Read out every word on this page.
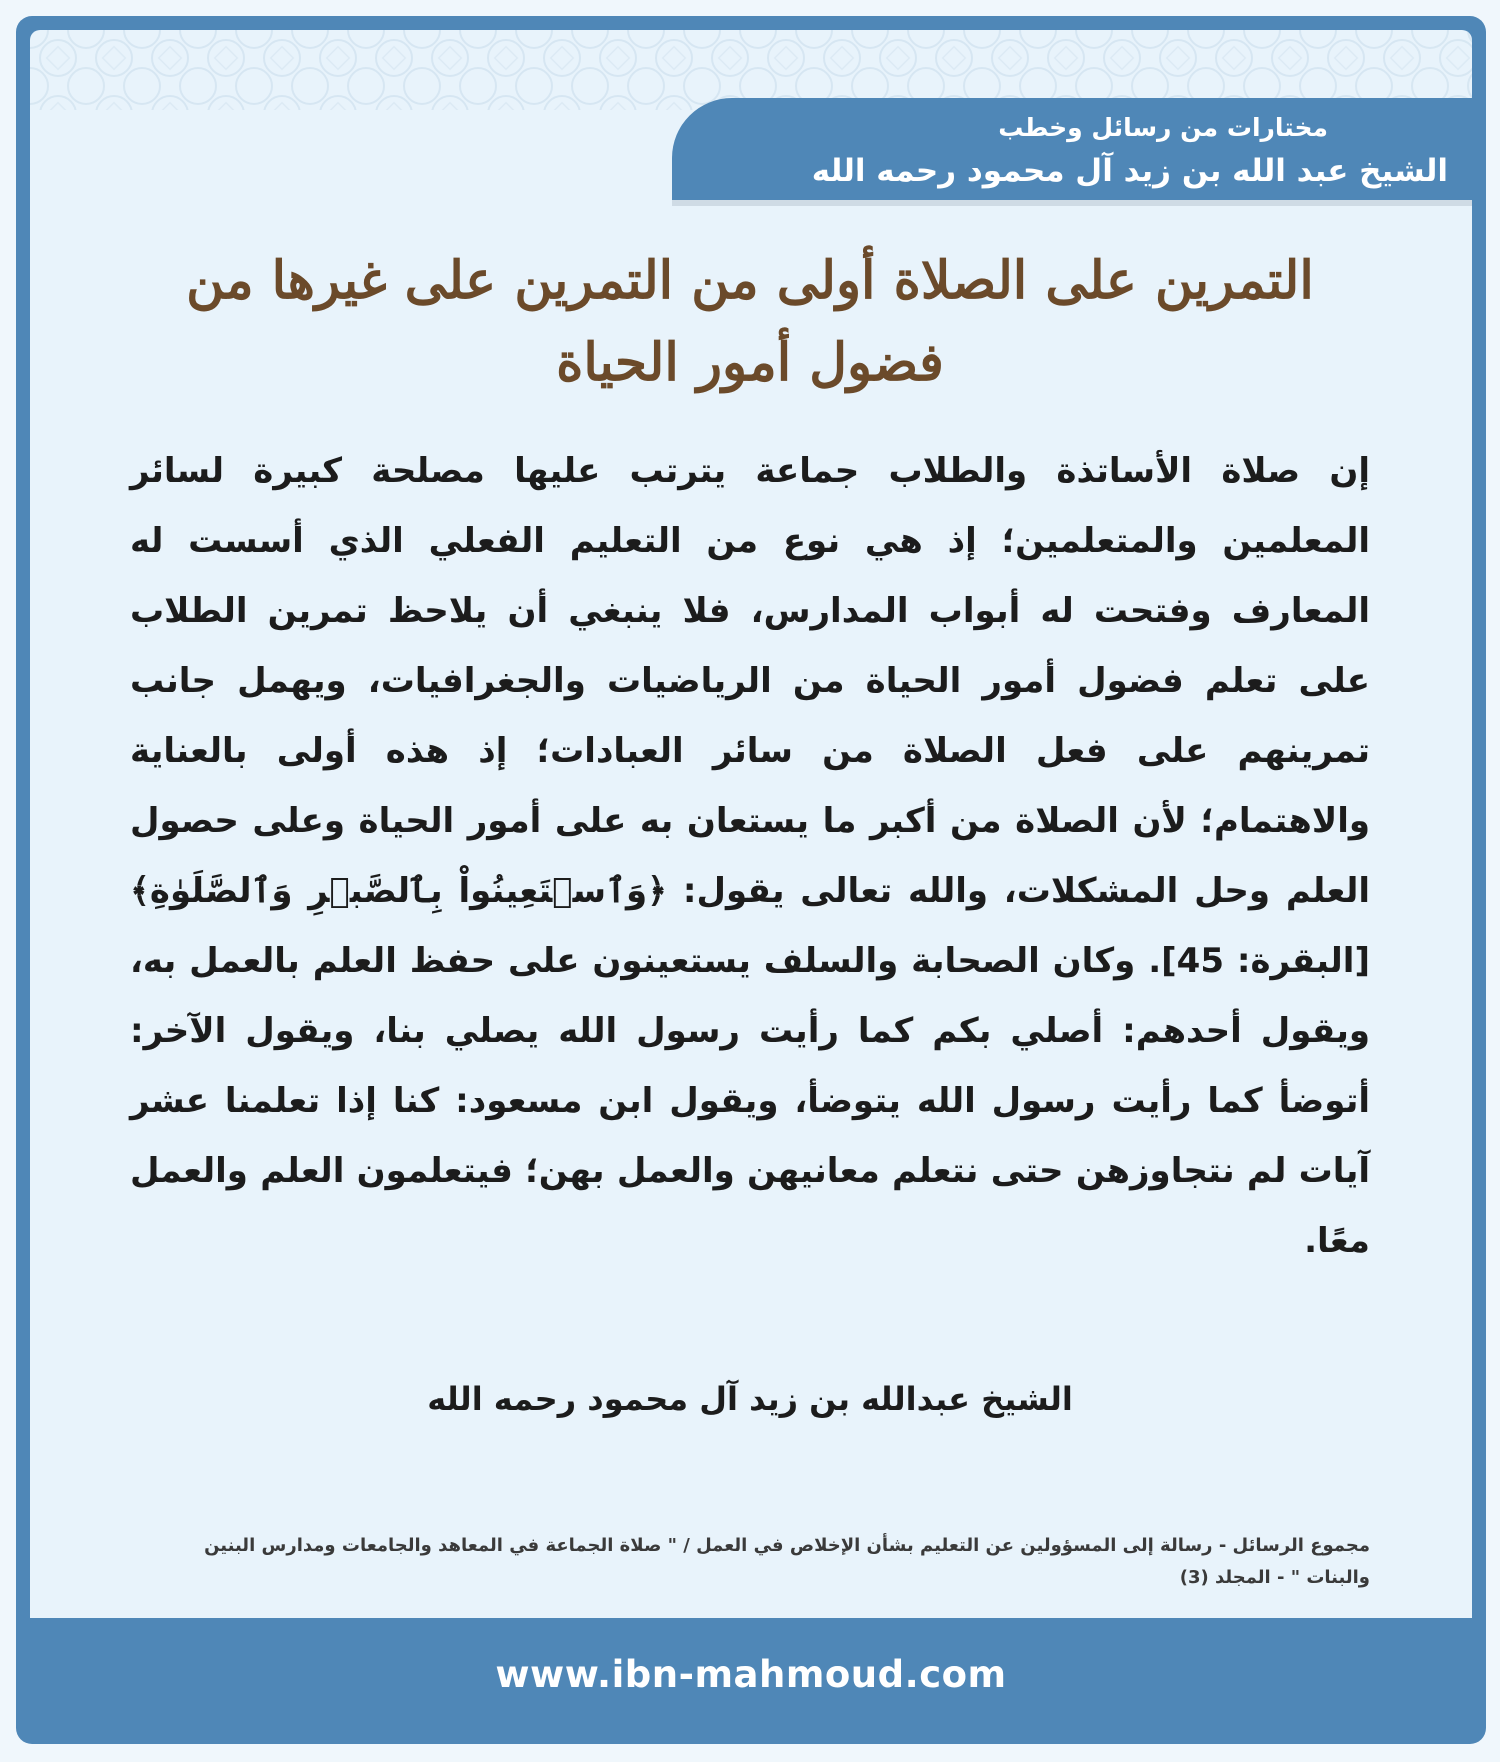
مختارات من رسائل وخطب
الشيخ عبد الله بن زيد آل محمود رحمه الله
التمرين على الصلاة أولى من التمرين على غيرها من فضول أمور الحياة

إن صلاة الأساتذة والطلاب جماعة يترتب عليها مصلحة كبيرة لسائر المعلمين والمتعلمين؛ إذ هي نوع من التعليم الفعلي الذي أسست له المعارف وفتحت له أبواب المدارس، فلا ينبغي أن يلاحظ تمرين الطلاب على تعلم فضول أمور الحياة من الرياضيات والجغرافيات، ويهمل جانب تمرينهم على فعل الصلاة من سائر العبادات؛ إذ هذه أولى بالعناية والاهتمام؛ لأن الصلاة من أكبر ما يستعان به على أمور الحياة وعلى حصول العلم وحل المشكلات، والله تعالى يقول: ﴿وَٱسۡتَعِينُواْ بِٱلصَّبۡرِ وَٱلصَّلَوٰةِ﴾ [البقرة: 45]. وكان الصحابة والسلف يستعينون على حفظ العلم بالعمل به، ويقول أحدهم: أصلي بكم كما رأيت رسول الله يصلي بنا، ويقول الآخر: أتوضأ كما رأيت رسول الله يتوضأ، ويقول ابن مسعود: كنا إذا تعلمنا عشر آيات لم نتجاوزهن حتى نتعلم معانيهن والعمل بهن؛ فيتعلمون العلم والعمل معًا.

الشيخ عبدالله بن زيد آل محمود رحمه الله

مجموع الرسائل - رسالة إلى المسؤولين عن التعليم بشأن الإخلاص في العمل / " صلاة الجماعة في المعاهد والجامعات ومدارس البنين والبنات " - المجلد (3)

www.ibn-mahmoud.com
